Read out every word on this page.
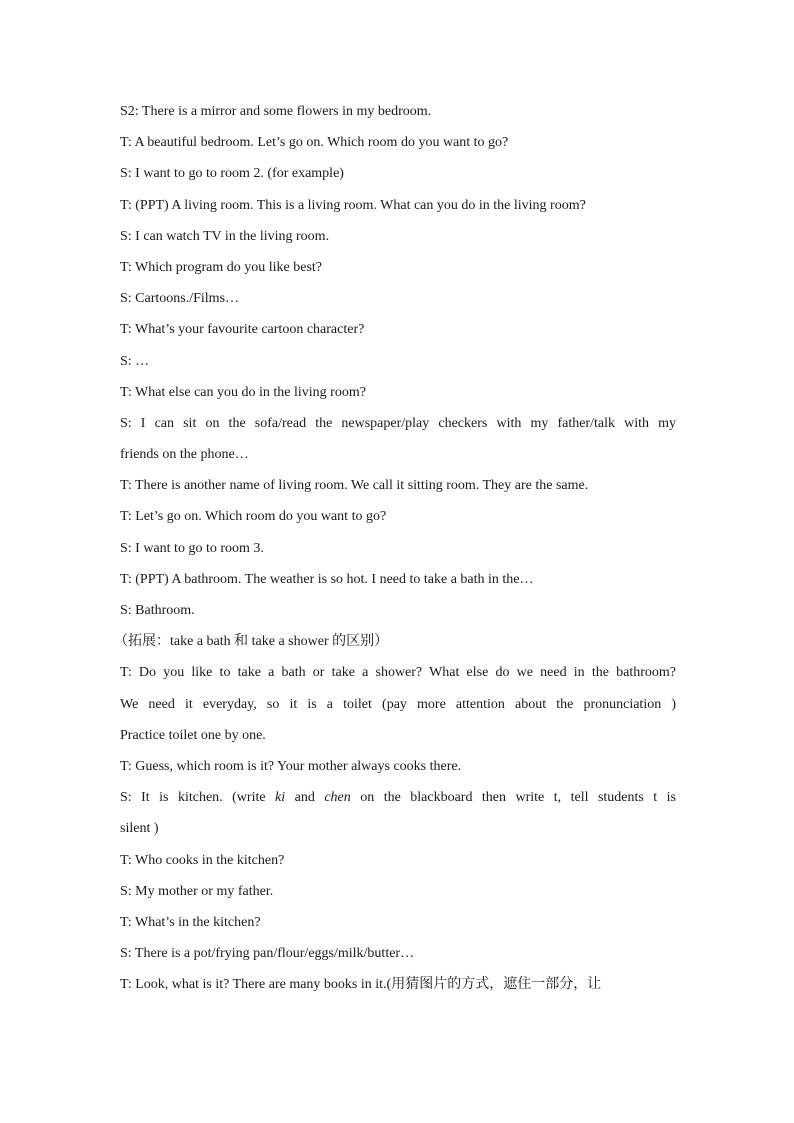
S2: There is a mirror and some flowers in my bedroom.
T: A beautiful bedroom. Let’s go on. Which room do you want to go?
S: I want to go to room 2. (for example)
T: (PPT) A living room. This is a living room. What can you do in the living room?
S: I can watch TV in the living room.
T: Which program do you like best?
S: Cartoons./Films…
T: What’s your favourite cartoon character?
S: …
T: What else can you do in the living room?
S: I can sit on the sofa/read the newspaper/play checkers with my father/talk with my
friends on the phone…
T: There is another name of living room. We call it sitting room. They are the same.
T: Let’s go on. Which room do you want to go?
S: I want to go to room 3.
T: (PPT) A bathroom. The weather is so hot. I need to take a bath in the…
S: Bathroom.
（拓展：take a bath 和 take a shower 的区别）
T: Do you like to take a bath or take a shower? What else do we need in the bathroom?
We need it everyday, so it is a toilet (pay more attention about the pronunciation )
Practice toilet one by one.
T: Guess, which room is it? Your mother always cooks there.
S: It is kitchen. (write ki and chen on the blackboard then write t, tell students t is
silent )
T: Who cooks in the kitchen?
S: My mother or my father.
T: What’s in the kitchen?
S: There is a pot/frying pan/flour/eggs/milk/butter…
T: Look, what is it? There are many books in it.(用猜图片的方式，遮住一部分，让
